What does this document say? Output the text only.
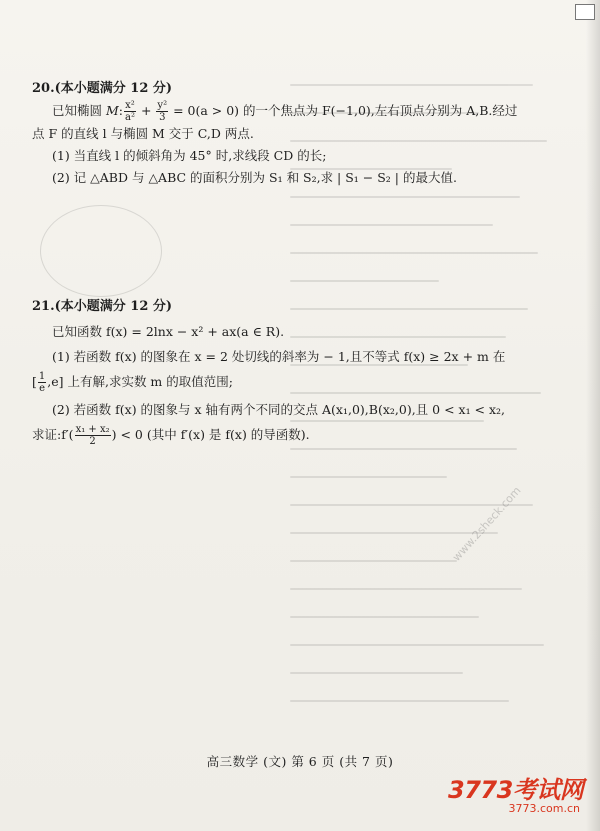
20.(本小题满分 12 分)
已知椭圆 M: $\frac{\text{x²}}{\text{a²}} + \frac{\text{y²}}{3} = 0(a > 0)$ 的一个焦点为 F(−1,0),左右顶点分别为 A,B.经过
点 F 的直线 l 与椭圆 M 交于 C,D 两点.
(1) 当直线 l 的倾斜角为 45° 时,求线段 CD 的长;
(2) 记 △ABD 与 △ABC 的面积分别为 S₁ 和 S₂,求 | S₁ − S₂ | 的最大值.
21.(本小题满分 12 分)
已知函数 f(x) = 2lnx − x² + ax(a ∈ R).
(1) 若函数 f(x) 的图象在 x = 2 处切线的斜率为 − 1,且不等式 f(x) ≥ 2x + m 在
[ $\frac{1}{e} ,e$] 上有解,求实数 m 的取值范围;
(2) 若函数 f(x) 的图象与 x 轴有两个不同的交点 A(x₁,0),B(x₂,0),且 0 < x₁ < x₂,
求证:f′( $\frac{\text{x₁ + x₂}}{2}$ ) < 0 (其中 f′(x) 是 f(x) 的导函数).
www.2sheck.com
高三数学 (文) 第 6 页 (共 7 页)
3773考试网
3773.com.cn
